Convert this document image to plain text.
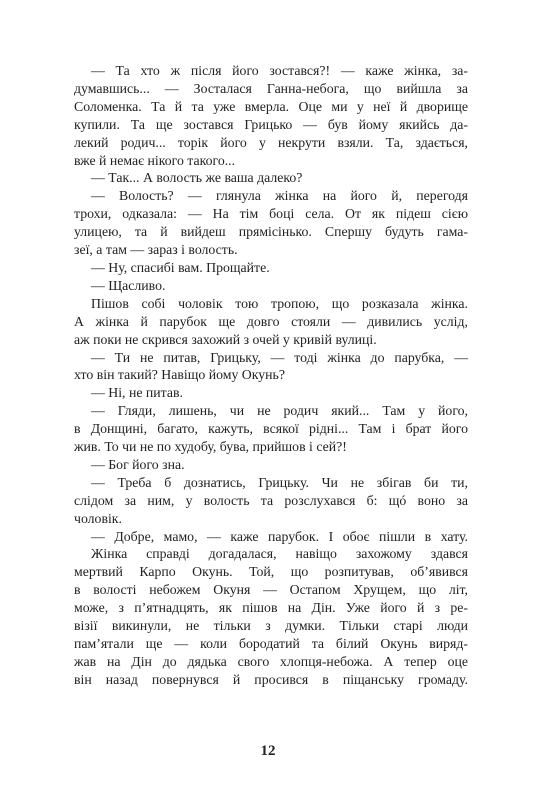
— Та хто ж після його зостався?! — каже жінка, за-
думавшись... — Зосталася Ганна-небога, що вийшла за
Соломенка. Та й та уже вмерла. Оце ми у неї й дворище
купили. Та ще зостався Грицько — був йому якийсь да-
лекий родич... торік його у некрути взяли. Та, здається,
вже й немає нікого такого...
— Так... А волость же ваша далеко?
— Волость? — глянула жінка на його й, перегодя
трохи, одказала: — На тім боці села. От як підеш сією
улицею, та й вийдеш прямісінько. Спершу будуть гама-
зеї, а там — зараз і волость.
— Ну, спасибі вам. Прощайте.
— Щасливо.
Пішов собі чоловік тою тропою, що розказала жінка.
А жінка й парубок ще довго стояли — дивились услід,
аж поки не скрився захожий з очей у кривій вулиці.
— Ти не питав, Грицьку, — тоді жінка до парубка, —
хто він такий? Навіщо йому Окунь?
— Ні, не питав.
— Гляди, лишень, чи не родич який... Там у його,
в Донщині, багато, кажуть, всякої рідні... Там і брат його
жив. То чи не по худобу, бува, прийшов і сей?!
— Бог його зна.
— Треба б дознатись, Грицьку. Чи не збігав би ти,
слідом за ним, у волость та розслухався б: щó воно за
чоловік.
— Добре, мамо, — каже парубок. І обоє пішли в хату.
Жінка справді догадалася, навіщо захожому здався
мертвий Карпо Окунь. Той, що розпитував, об’явився
в волості небожем Окуня — Остапом Хрущем, що літ,
може, з п’ятнадцять, як пішов на Дін. Уже його й з ре-
візії викинули, не тільки з думки. Тільки старі люди
пам’ятали ще — коли бородатий та білий Окунь виряд-
жав на Дін до дядька свого хлопця-небожа. А тепер оце
він назад повернувся й просився в піщанську громаду.
12
